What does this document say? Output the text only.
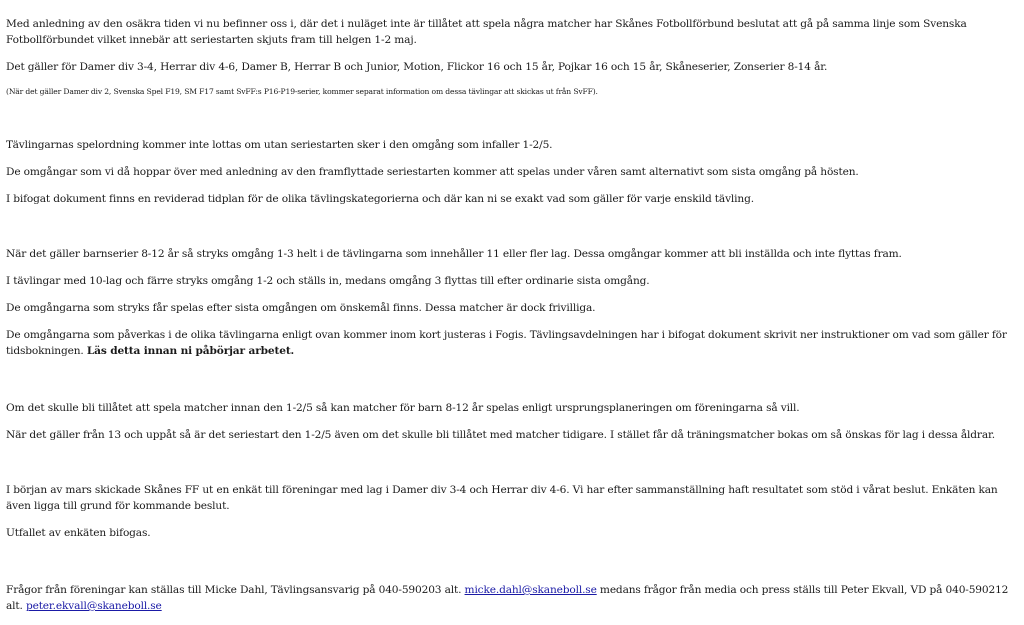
Med anledning av den osäkra tiden vi nu befinner oss i, där det i nuläget inte är tillåtet att spela några matcher har Skånes Fotbollförbund beslutat att gå på samma linje som Svenska Fotbollförbundet vilket innebär att seriestarten skjuts fram till helgen 1-2 maj.

Det gäller för Damer div 3-4, Herrar div 4-6, Damer B, Herrar B och Junior, Motion, Flickor 16 och 15 år, Pojkar 16 och 15 år, Skåneserier, Zonserier 8-14 år.

(När det gäller Damer div 2, Svenska Spel F19, SM F17 samt SvFF:s P16-P19-serier, kommer separat information om dessa tävlingar att skickas ut från SvFF).

Tävlingarnas spelordning kommer inte lottas om utan seriestarten sker i den omgång som infaller 1-2/5.

De omgångar som vi då hoppar över med anledning av den framflyttade seriestarten kommer att spelas under våren samt alternativt som sista omgång på hösten.

I bifogat dokument finns en reviderad tidplan för de olika tävlingskategorierna och där kan ni se exakt vad som gäller för varje enskild tävling.

När det gäller barnserier 8-12 år så stryks omgång 1-3 helt i de tävlingarna som innehåller 11 eller fler lag. Dessa omgångar kommer att bli inställda och inte flyttas fram.

I tävlingar med 10-lag och färre stryks omgång 1-2 och ställs in, medans omgång 3 flyttas till efter ordinarie sista omgång.

De omgångarna som stryks får spelas efter sista omgången om önskemål finns. Dessa matcher är dock frivilliga.

De omgångarna som påverkas i de olika tävlingarna enligt ovan kommer inom kort justeras i Fogis. Tävlingsavdelningen har i bifogat dokument skrivit ner instruktioner om vad som gäller för tidsbokningen. Läs detta innan ni påbörjar arbetet.

Om det skulle bli tillåtet att spela matcher innan den 1-2/5 så kan matcher för barn 8-12 år spelas enligt ursprungsplaneringen om föreningarna så vill.

När det gäller från 13 och uppåt så är det seriestart den 1-2/5 även om det skulle bli tillåtet med matcher tidigare. I stället får då träningsmatcher bokas om så önskas för lag i dessa åldrar.

I början av mars skickade Skånes FF ut en enkät till föreningar med lag i Damer div 3-4 och Herrar div 4-6. Vi har efter sammanställning haft resultatet som stöd i vårat beslut. Enkäten kan även ligga till grund för kommande beslut.

Utfallet av enkäten bifogas.

Frågor från föreningar kan ställas till Micke Dahl, Tävlingsansvarig på 040-590203 alt. micke.dahl@skaneboll.se medans frågor från media och press ställs till Peter Ekvall, VD på 040-590212 alt. peter.ekvall@skaneboll.se
